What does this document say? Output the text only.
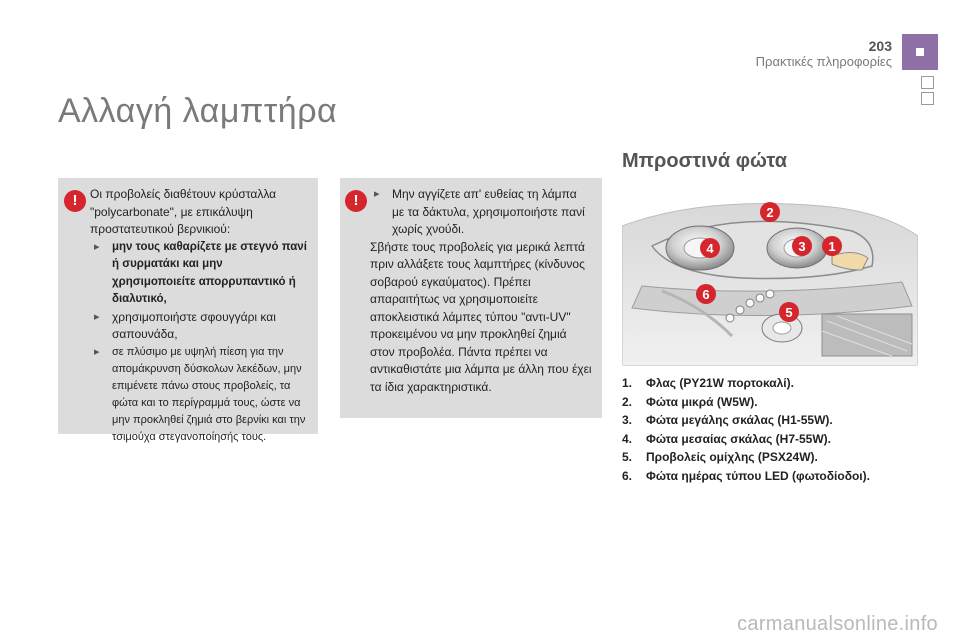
203
Πρακτικές πληροφορίες
Αλλαγή λαμπτήρα
!	Οι προβολείς διαθέτουν κρύσταλλα "polycarbonate", με επικάλυψη προστατευτικού βερνικιού:

▸ μην τους καθαρίζετε με στεγνό πανί ή συρματάκι και μην χρησιμοποιείτε απορρυπαντικό ή διαλυτικό,

▸ χρησιμοποιήστε σφουγγάρι και σαπουνάδα,

▸ σε πλύσιμο με υψηλή πίεση για την απομάκρυνση δύσκολων λεκέδων, μην επιμένετε πάνω στους προβολείς, τα φώτα και το περίγραμμά τους, ώστε να μην προκληθεί ζημιά στο βερνίκι και την τσιμούχα στεγανοποίησής τους.

!

▸	Μην αγγίζετε απ' ευθείας τη λάμπα με τα δάκτυλα, χρησιμοποιήστε πανί χωρίς χνούδι.

Σβήστε τους προβολείς για μερικά λεπτά πριν αλλάξετε τους λαμπτήρες (κίνδυνος σοβαρού εγκαύματος). Πρέπει απαραιτήτως να χρησιμοποιείτε αποκλειστικά λάμπες τύπου "αντι-UV" προκειμένου να μην προκληθεί ζημιά στον προβολέα. Πάντα πρέπει να αντικαθιστάτε μια λάμπα με άλλη που έχει τα ίδια χαρακτηριστικά.

Μπροστινά φώτα
2
1
3
4
5
6
1.	Φλας (PY21W πορτοκαλί).
2.	Φώτα μικρά (W5W).
3.	Φώτα μεγάλης σκάλας (H1-55W).
4.	Φώτα μεσαίας σκάλας (H7-55W).
5.	Προβολείς ομίχλης (PSX24W).
6.	Φώτα ημέρας τύπου LED (φωτοδίοδοι).
carmanualsonline.info
